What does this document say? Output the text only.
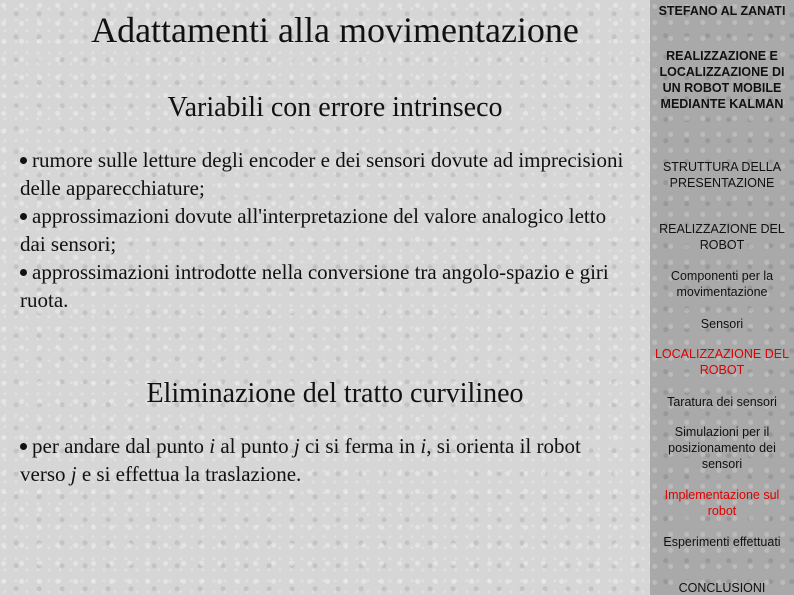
Adattamenti alla movimentazione
Variabili con errore intrinseco
rumore sulle letture degli encoder e dei sensori dovute ad imprecisioni delle apparecchiature;
approssimazioni dovute all'interpretazione del valore analogico letto dai sensori;
approssimazioni introdotte nella conversione tra angolo-spazio e giri ruota.
Eliminazione del tratto curvilineo
per andare dal punto i al punto j ci si ferma in i, si orienta il robot verso j e si effettua la traslazione.
STEFANO AL ZANATI
REALIZZAZIONE E LOCALIZZAZIONE DI UN ROBOT MOBILE MEDIANTE KALMAN
STRUTTURA DELLA PRESENTAZIONE
REALIZZAZIONE DEL ROBOT
Componenti per la movimentazione
Sensori
LOCALIZZAZIONE DEL ROBOT
Taratura dei sensori
Simulazioni per il posizionamento dei sensori
Implementazione sul robot
Esperimenti effettuati
CONCLUSIONI
